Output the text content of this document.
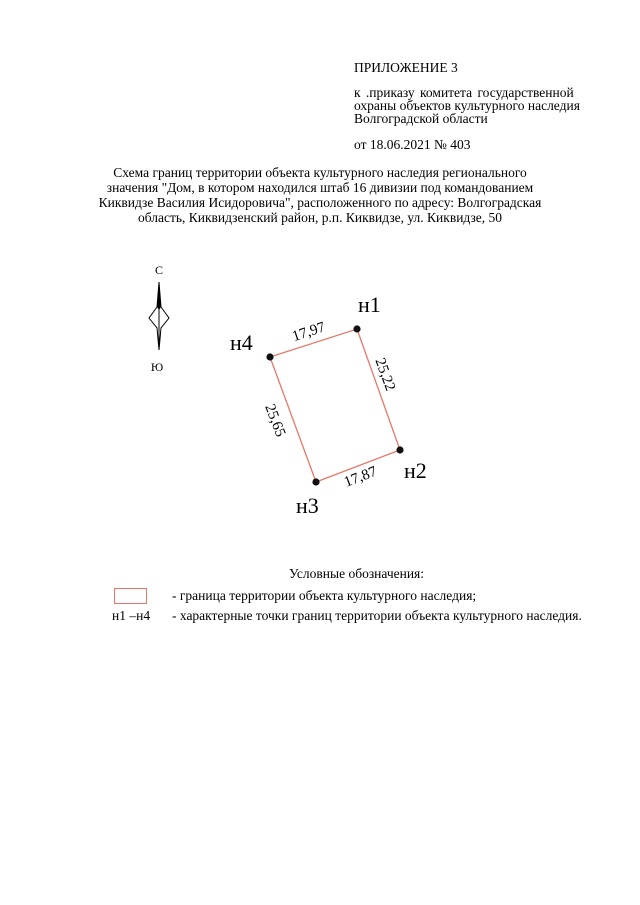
ПРИЛОЖЕНИЕ 3
к .приказу комитета государственной
охраны объектов культурного наследия
Волгоградской области
от 18.06.2021 № 403
Схема границ территории объекта культурного наследия регионального
значения "Дом, в котором находился штаб 16 дивизии под командованием
Киквидзе Василия Исидоровича", расположенного по адресу: Волгоградская
область, Киквидзенский район, р.п. Киквидзе, ул. Киквидзе, 50
С
Ю
н1
н2
н3
н4 17,97
25,22
17,87
25,65
Условные обозначения:
- граница территории объекта культурного наследия;
н1 –н4 - характерные точки границ территории объекта культурного наследия.
